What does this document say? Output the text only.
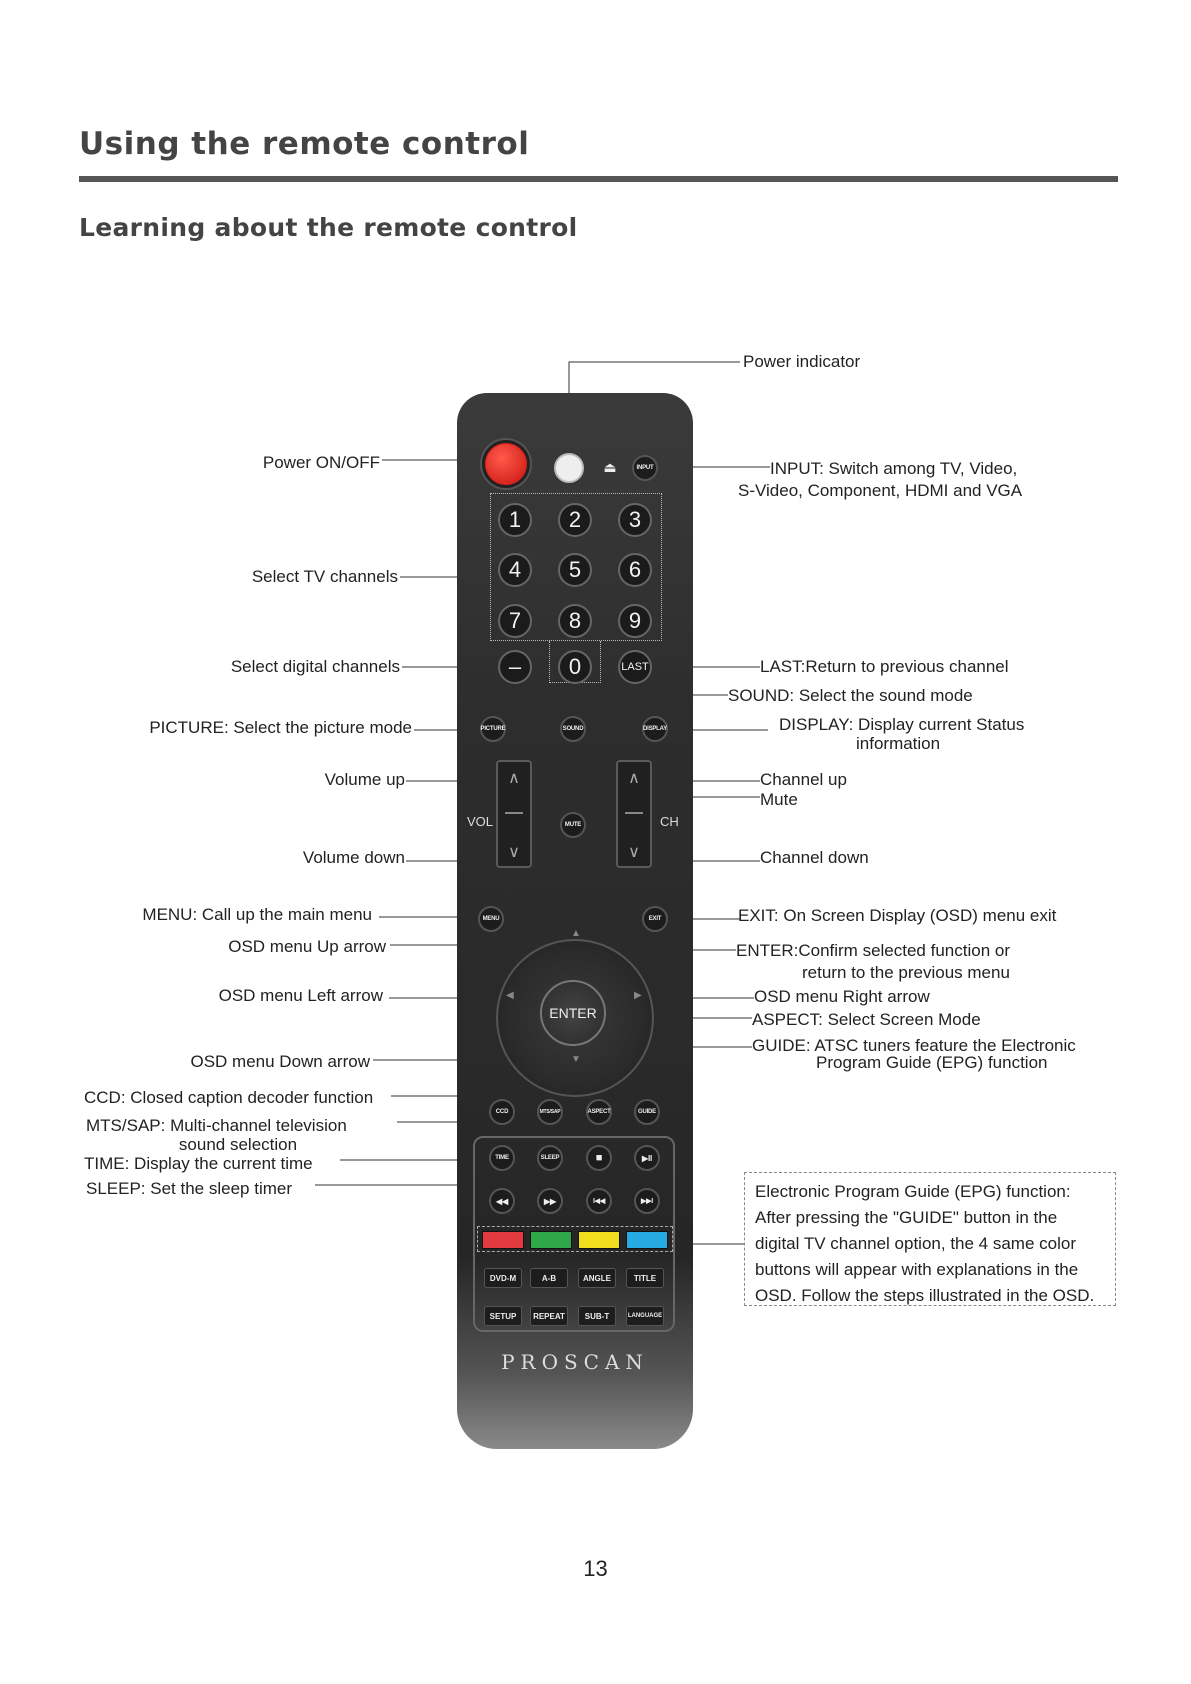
Using the remote control
Learning about the remote control
Power ON/OFF
Select TV channels
Select digital channels
PICTURE: Select the picture mode
Volume up
Volume down
MENU: Call up the main menu
OSD menu Up arrow
OSD menu Left arrow
OSD menu Down arrow
CCD: Closed caption decoder function
MTS/SAP: Multi-channel television
sound selection
TIME: Display the current time
SLEEP: Set the sleep timer
Power indicator
INPUT: Switch among TV, Video,
S-Video, Component, HDMI and VGA
LAST:Return to previous channel
SOUND: Select the sound mode
DISPLAY: Display current Status
information
Channel up
Mute
Channel down
EXIT: On Screen Display (OSD) menu exit
ENTER:Confirm selected function or
return to the previous menu
OSD menu Right arrow
ASPECT: Select Screen Mode
GUIDE: ATSC tuners feature the Electronic
Program Guide (EPG) function
Electronic Program Guide (EPG) function:
After pressing the "GUIDE" button in the
digital TV channel option, the 4 same color
buttons will appear with explanations in the
OSD. Follow the steps illustrated in the OSD.
⏏	INPUT
1	2	3
4	5	6
7	8	9
–	0	LAST
PICTURE	SOUND	DISPLAY
∧
∨
VOL	MUTE
∧
∨
CH
MENU	EXIT
▲
◀	▶
▼
ENTER
CCD	MTS/SAP	ASPECT	GUIDE
TIME	SLEEP	■	▶II
◀◀	▶▶	I◀◀	▶▶I
DVD-M	A-B	ANGLE	TITLE
SETUP	REPEAT	SUB-T	LANGUAGE
PROSCAN
13
